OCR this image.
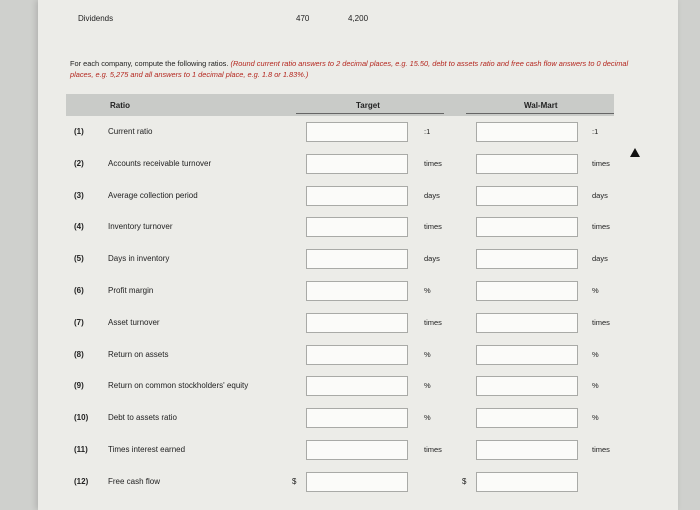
Dividends	470	4,200
For each company, compute the following ratios. (Round current ratio answers to 2 decimal places, e.g. 15.50, debt to assets ratio and free cash flow answers to 0 decimal places, e.g. 5,275 and all answers to 1 decimal place, e.g. 1.8 or 1.83%.)
Ratio	Target	Wal-Mart
(1)	Current ratio	:1	:1
(2)	Accounts receivable turnover	times	times
(3)	Average collection period	days	days
(4)	Inventory turnover	times	times
(5)	Days in inventory	days	days
(6)	Profit margin	%	%
(7)	Asset turnover	times	times
(8)	Return on assets	%	%
(9)	Return on common stockholders' equity	%	%
(10) Debt to assets ratio	%	%
(11)	Times interest earned	times	times
(12) Free cash flow	$	$
